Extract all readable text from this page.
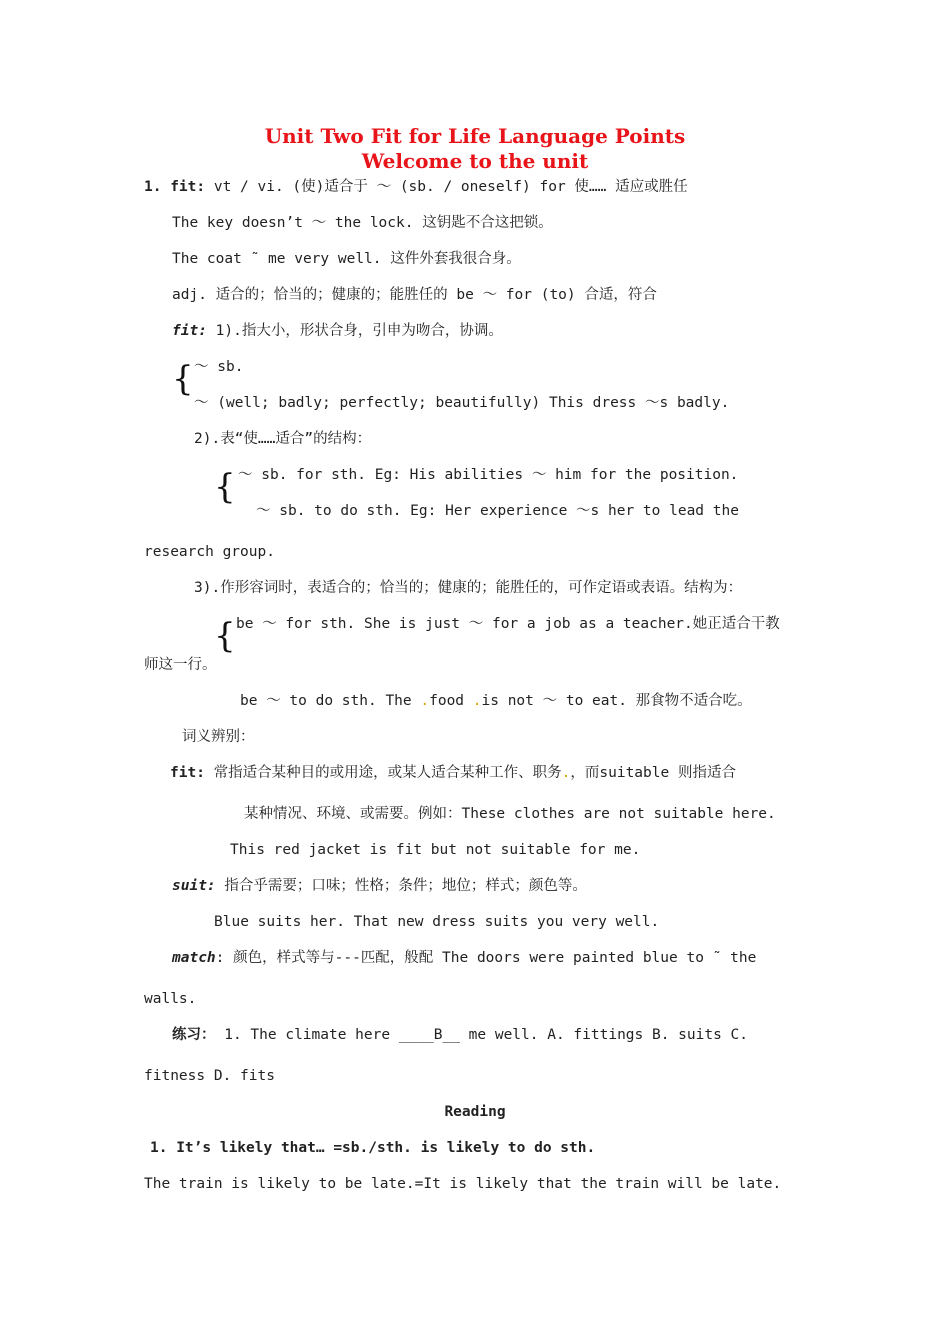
Unit Two Fit for Life Language Points
Welcome to the unit
1. fit: vt / vi. (使)适合于 ～ (sb. / oneself) for 使…… 适应或胜任
The key doesn’t ～ the lock. 这钥匙不合这把锁。
The coat ˜ me very well. 这件外套我很合身。
adj. 适合的；恰当的；健康的；能胜任的 be ～ for (to) 合适，符合
fit: 1).指大小，形状合身，引申为吻合，协调。
{ ～ sb.
～ (well; badly; perfectly; beautifully) This dress ～s badly.
2).表“使……适合”的结构：
{ ～ sb. for sth. Eg: His abilities ～ him for the position.
～ sb. to do sth. Eg: Her experience ～s her to lead the
research group.
3).作形容词时，表适合的；恰当的；健康的；能胜任的，可作定语或表语。结构为：
{ be ～ for sth. She is just ～ for a job as a teacher.她正适合干教
师这一行。
be ～ to do sth. The .food .is not ～ to eat. 那食物不适合吃。
词义辨别：
fit: 常指适合某种目的或用途，或某人适合某种工作、职务.，而suitable 则指适合
某种情况、环境、或需要。例如：These clothes are not suitable here.
This red jacket is fit but not suitable for me.
suit: 指合乎需要；口味；性格；条件；地位；样式；颜色等。
Blue suits her. That new dress suits you very well.
match: 颜色，样式等与---匹配，般配 The doors were painted blue to ˜ the
walls.
练习： 1. The climate here ____B__ me well. A. fittings B. suits C.
fitness D. fits
Reading
1. It’s likely that… =sb./sth. is likely to do sth.
The train is likely to be late.=It is likely that the train will be late.
